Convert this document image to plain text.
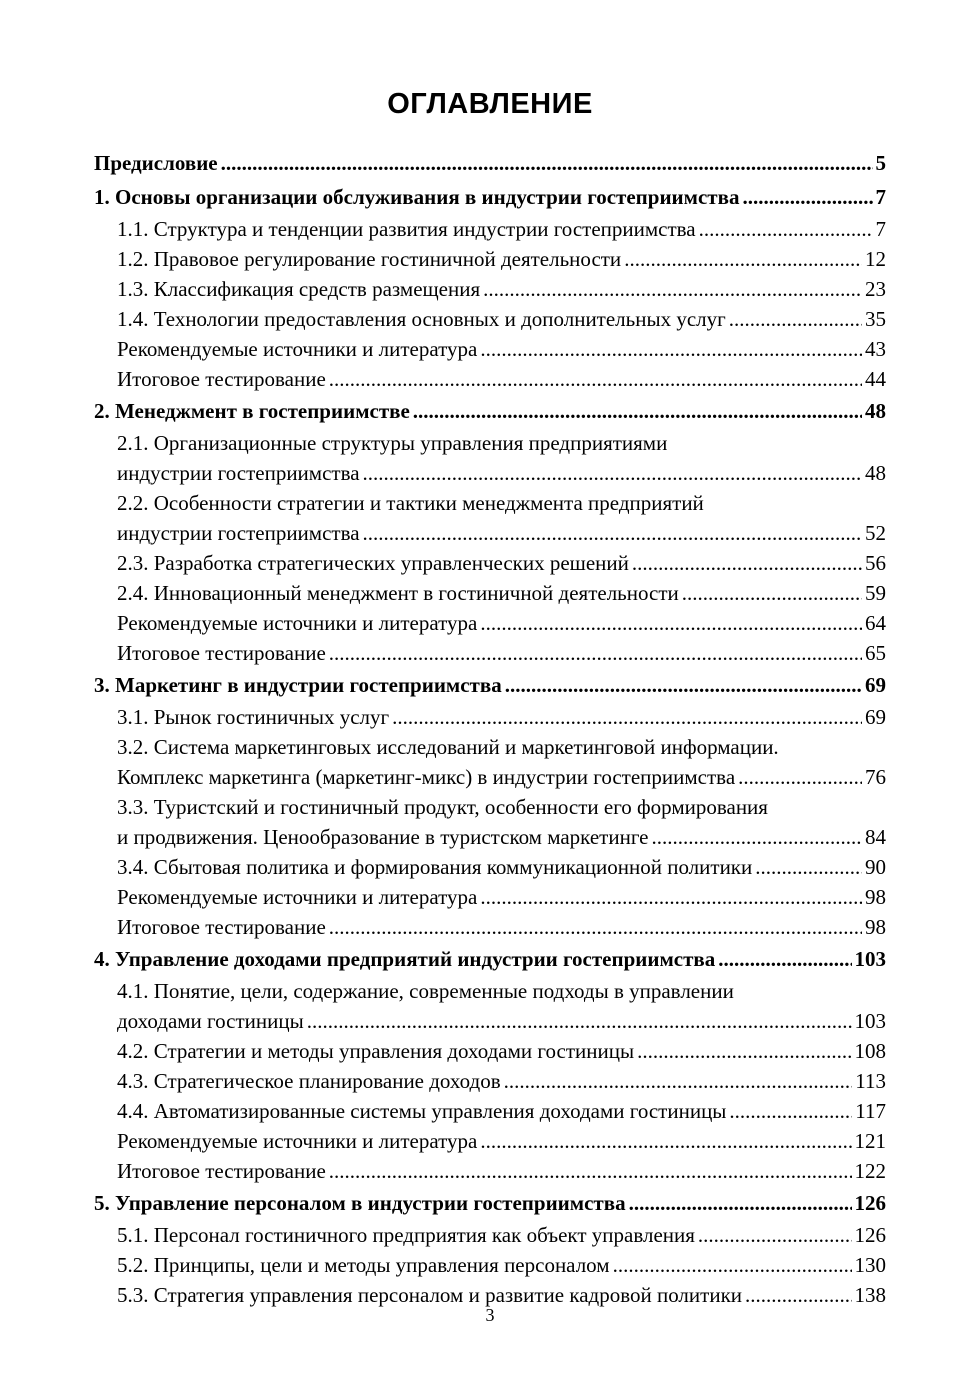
ОГЛАВЛЕНИЕ
Предисловие .....	5
1. Основы организации обслуживания в индустрии гостеприимства .....	7
1.1. Структура и тенденции развития индустрии гостеприимства .....	7
1.2. Правовое регулирование гостиничной деятельности .....	12
1.3. Классификация средств размещения .....	23
1.4. Технологии предоставления основных и дополнительных услуг .....	35
Рекомендуемые источники и литература .....	43
Итоговое тестирование .....	44
2. Менеджмент в гостеприимстве .....	48
2.1. Организационные структуры управления предприятиями
индустрии гостеприимства .....	48
2.2. Особенности стратегии и тактики менеджмента предприятий
индустрии гостеприимства .....	52
2.3. Разработка стратегических управленческих решений .....	56
2.4. Инновационный менеджмент в гостиничной деятельности .....	59
Рекомендуемые источники и литература .....	64
Итоговое тестирование .....	65
3. Маркетинг в индустрии гостеприимства .....	69
3.1. Рынок гостиничных услуг .....	69
3.2. Система маркетинговых исследований и маркетинговой информации.
Комплекс маркетинга (маркетинг-микс) в индустрии гостеприимства .....	76
3.3. Туристский и гостиничный продукт, особенности его формирования
и продвижения. Ценообразование в туристском маркетинге .....	84
3.4. Сбытовая политика и формирования коммуникационной политики .....	90
Рекомендуемые источники и литература .....	98
Итоговое тестирование .....	98
4. Управление доходами предприятий индустрии гостеприимства .....	103
4.1. Понятие, цели, содержание, современные подходы в управлении
доходами гостиницы .....	103
4.2. Стратегии и методы управления доходами гостиницы .....	108
4.3. Стратегическое планирование доходов .....	113
4.4. Автоматизированные системы управления доходами гостиницы .....	117
Рекомендуемые источники и литература .....	121
Итоговое тестирование .....	122
5. Управление персоналом в индустрии гостеприимства .....	126
5.1. Персонал гостиничного предприятия как объект управления .....	126
5.2. Принципы, цели и методы управления персоналом .....	130
5.3. Стратегия управления персоналом и развитие кадровой политики .....	138
3
